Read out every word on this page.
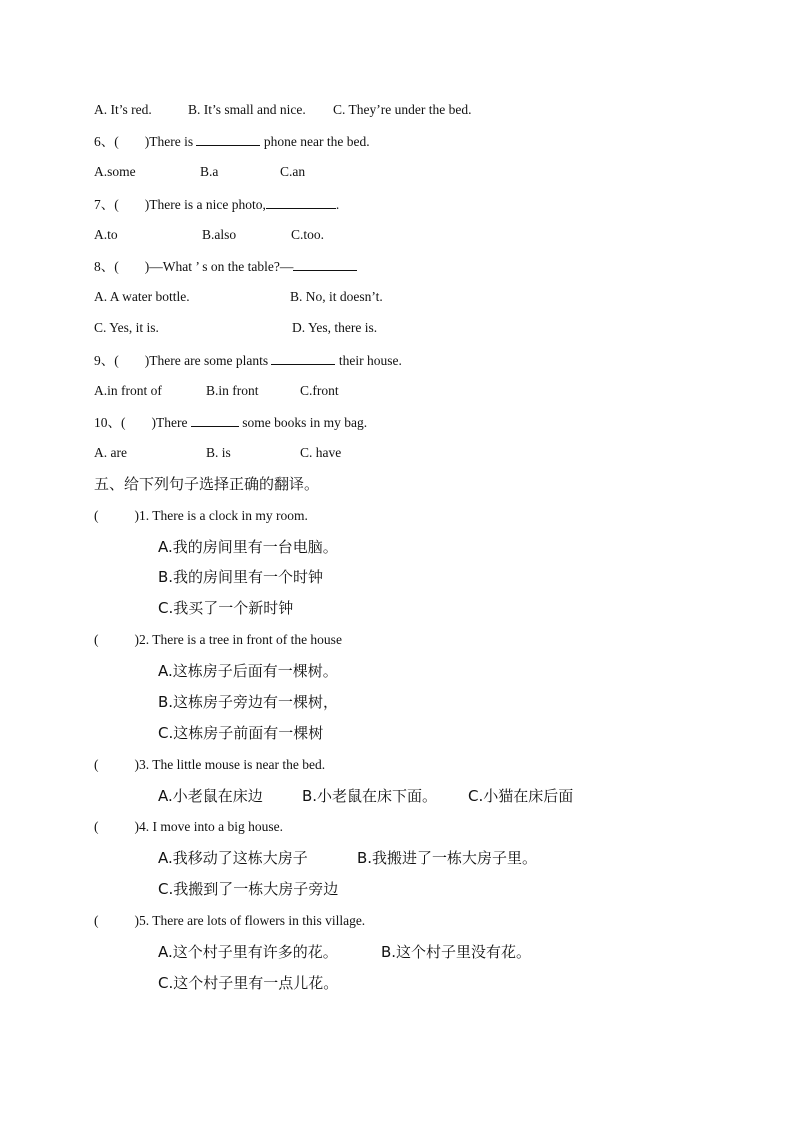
A. It’s red.	B. It’s small and nice. C. They’re under the bed.
6、( )There is	phone near the bed.
A.some	B.a	C.an
7、( )There is a nice photo,	.
A.to	B.also	C.too.
8、( )—What ’ s on the table?—
A. A water bottle.	B. No, it doesn’t.
C. Yes, it is.	D. Yes, there is.
9、( )There are some plants	their house.
A.in front of	B.in front	C.front
10、( )There	some books in my bag.
A. are	B. is	C. have
五、给下列句子选择正确的翻译。
(	)1. There is a clock in my room.
A.我的房间里有一台电脑。
B.我的房间里有一个时钟
C.我买了一个新时钟
(	)2. There is a tree in front of the house
A.这栋房子后面有一棵树。
B.这栋房子旁边有一棵树，
C.这栋房子前面有一棵树
(	)3. The little mouse is near the bed.
A.小老鼠在床边	B.小老鼠在床下面。 C.小猫在床后面
(	)4. I move into a big house.
A.我移动了这栋大房子	B.我搬进了一栋大房子里。
C.我搬到了一栋大房子旁边
(	)5. There are lots of flowers in this village.
A.这个村子里有许多的花。	B.这个村子里没有花。
C.这个村子里有一点儿花。
